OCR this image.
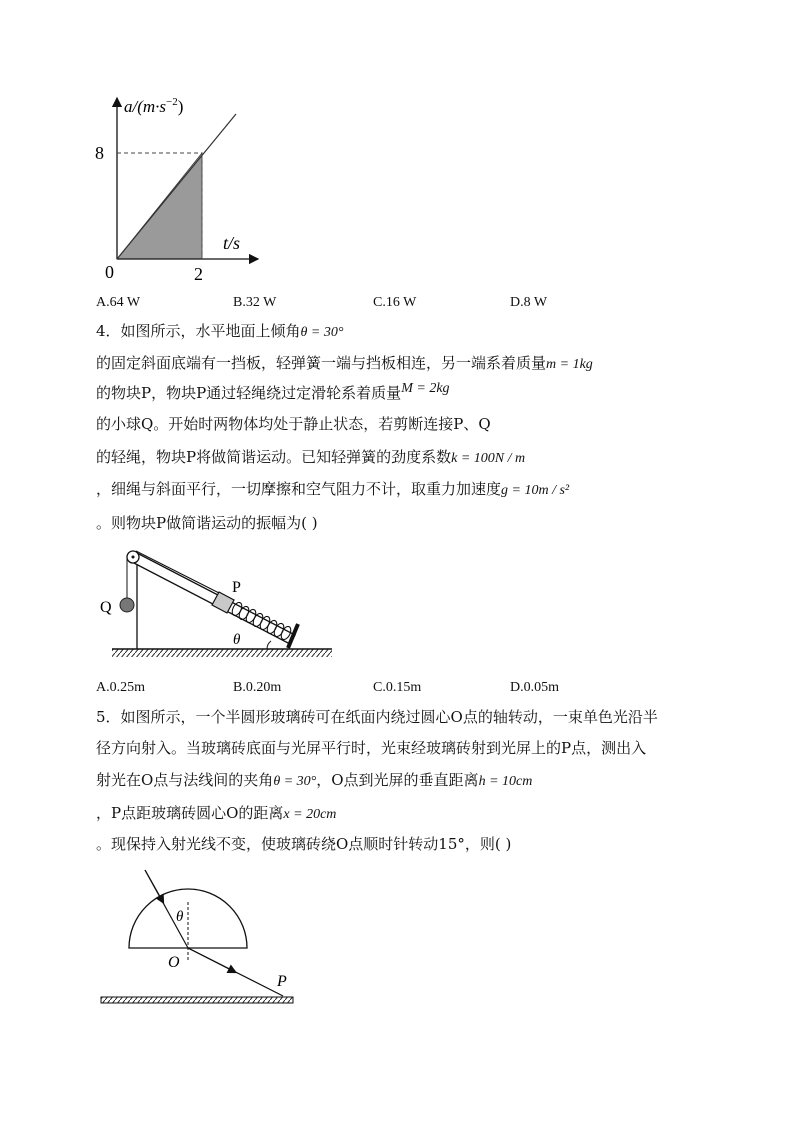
$a/(m\cdot s^{-2})$
8
t/s
0	2
A.64 W	B.32 W	C.16 W	D.8 W
4．如图所示，水平地面上倾角θ = 30°
的固定斜面底端有一挡板，轻弹簧一端与挡板相连，另一端系着质量m = 1kg
的物块P，物块P通过轻绳绕过定滑轮系着质量M = 2kg
的小球Q。开始时两物体均处于静止状态，若剪断连接P、Q
的轻绳，物块P将做简谐运动。已知轻弹簧的劲度系数k = 100N / m
，细绳与斜面平行，一切摩擦和空气阻力不计，取重力加速度g = 10m / s²
。则物块P做简谐运动的振幅为( )
P
Q
θ
A.0.25m	B.0.20m	C.0.15m	D.0.05m
5．如图所示，一个半圆形玻璃砖可在纸面内绕过圆心O点的轴转动，一束单色光沿半
径方向射入。当玻璃砖底面与光屏平行时，光束经玻璃砖射到光屏上的P点，测出入
射光在O点与法线间的夹角θ = 30°，O点到光屏的垂直距离h = 10cm
，P点距玻璃砖圆心O的距离x = 20cm
。现保持入射光线不变，使玻璃砖绕O点顺时针转动15°，则( )
θ
O
P
